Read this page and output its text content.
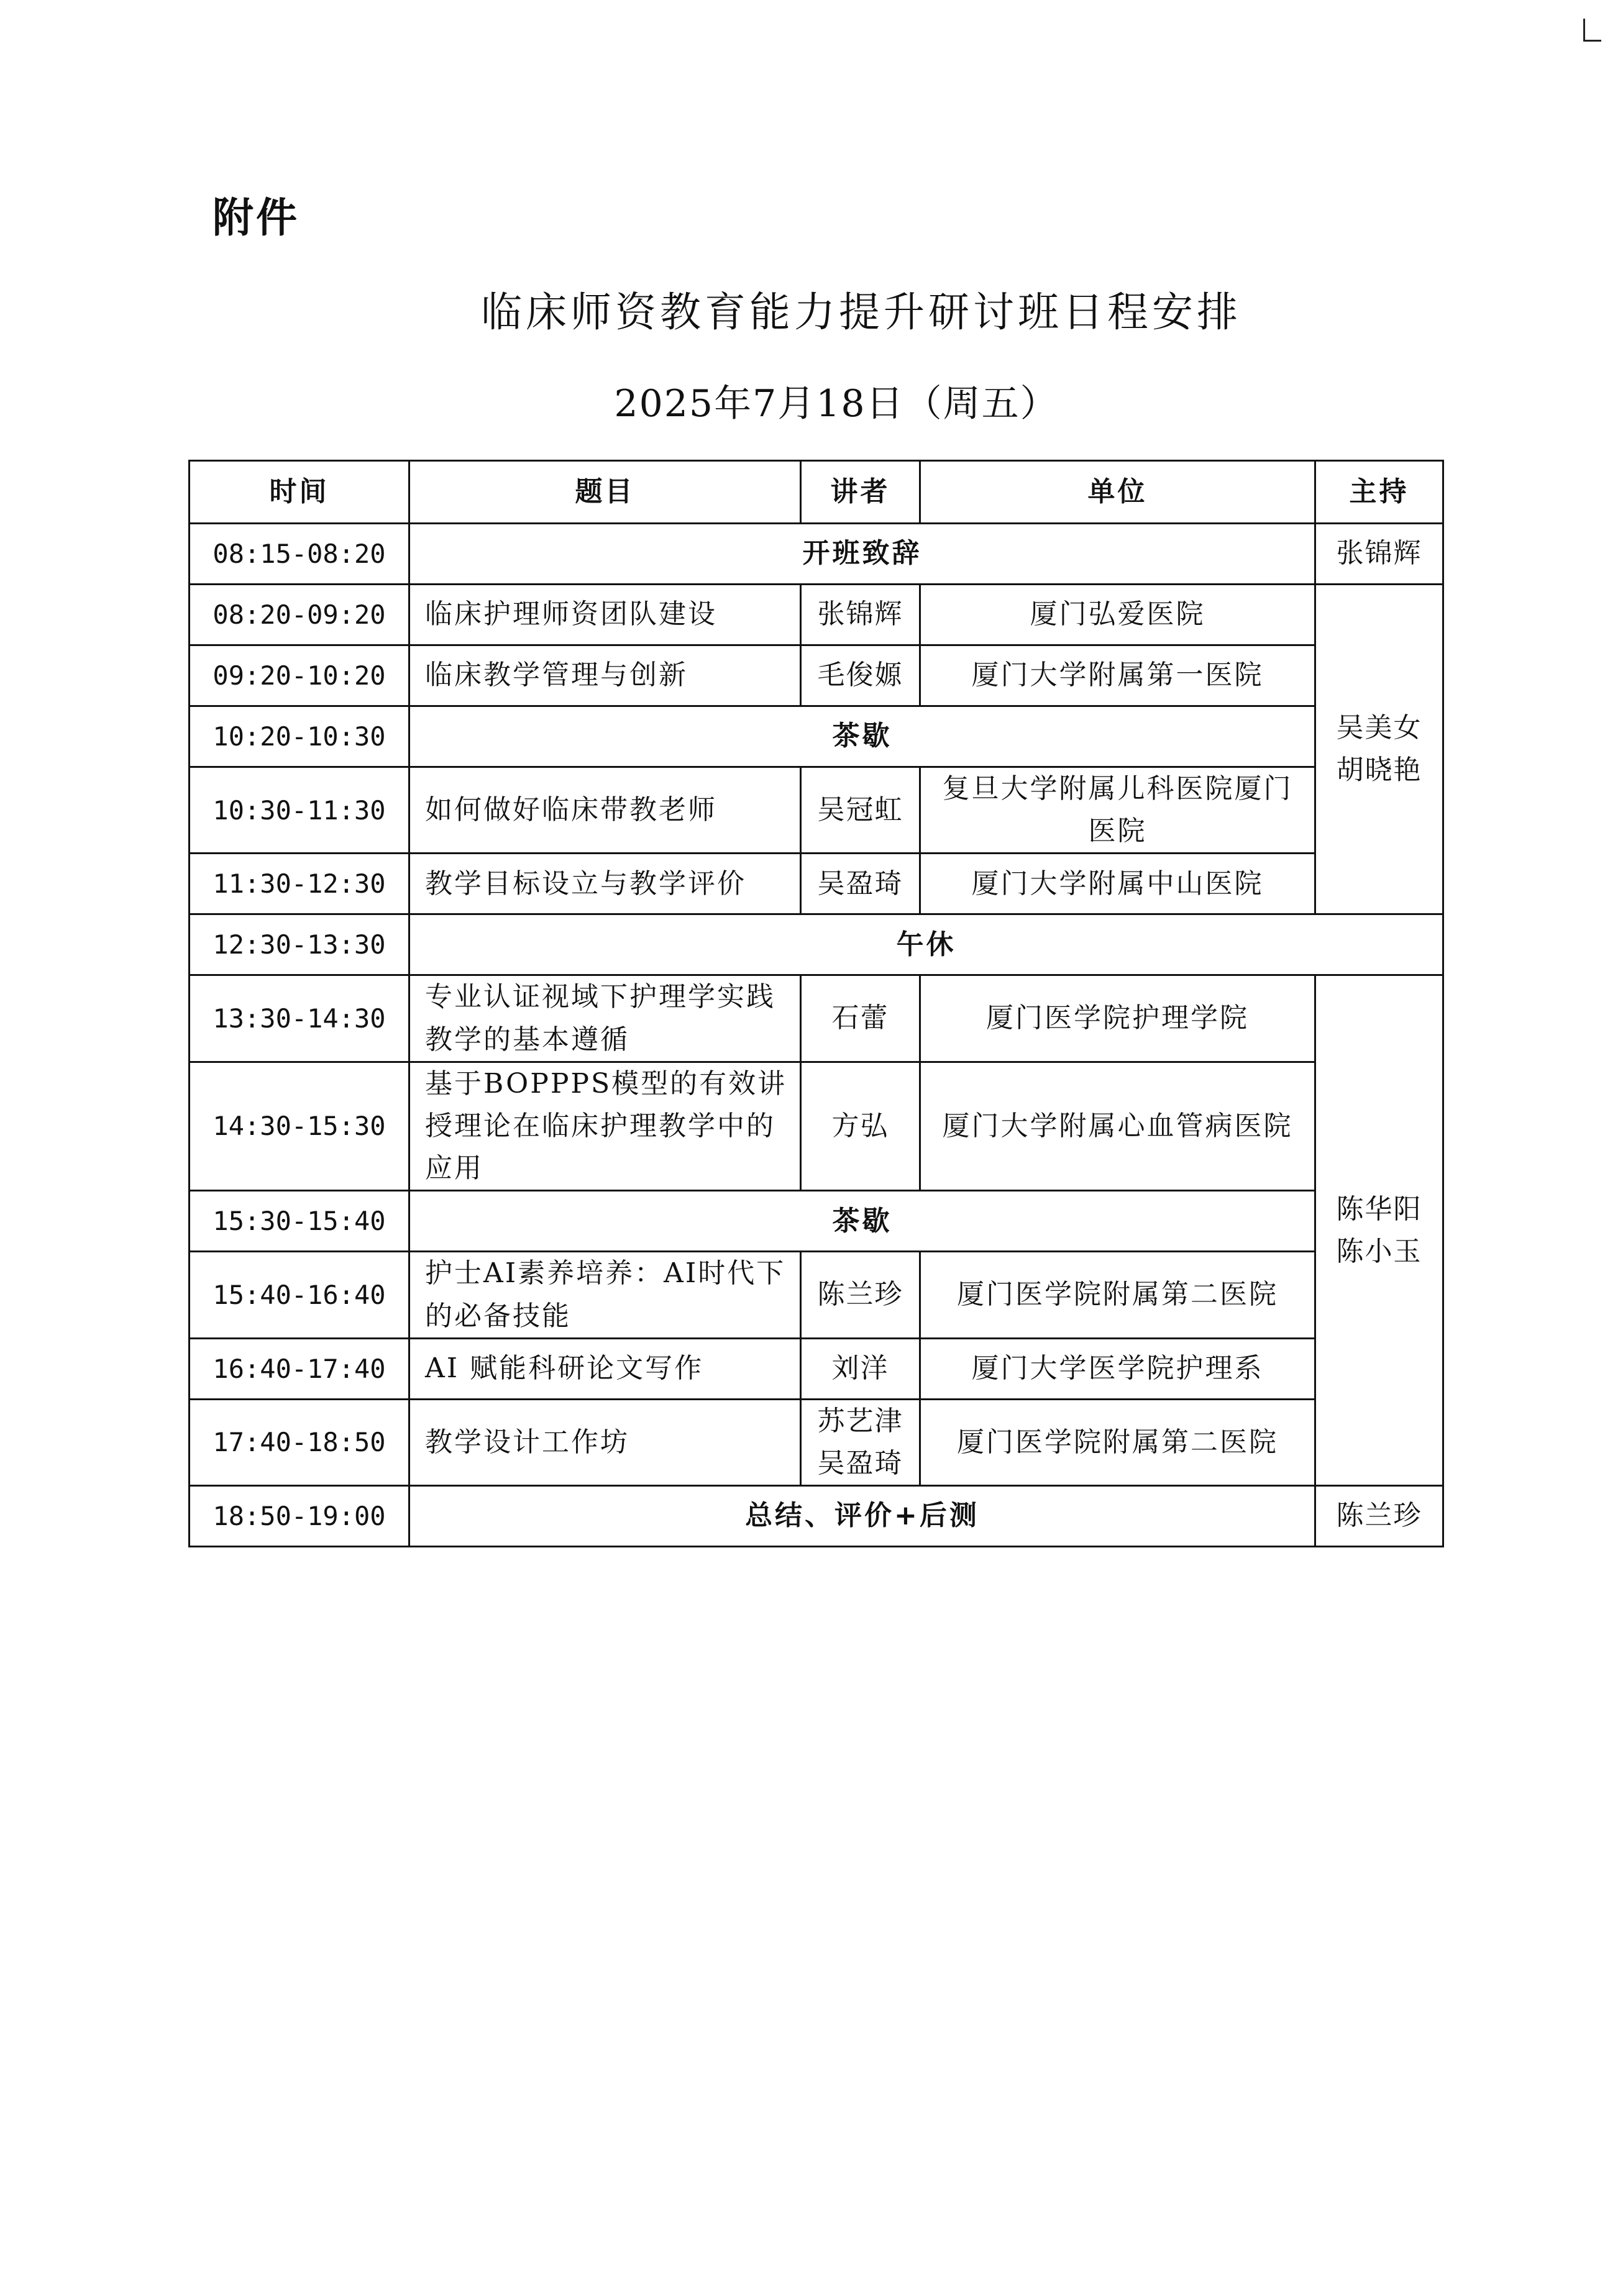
附件
临床师资教育能力提升研讨班日程安排
2025年7月18日（周五）
时间	题目	讲者	单位	主持
08:15-08:20	开班致辞			张锦辉
08:20-09:20	临床护理师资团队建设	张锦辉	厦门弘爱医院	吴美女
胡晓艳

09:20-10:20	临床教学管理与创新	毛俊嫄	厦门大学附属第一医院	
10:20-10:30	茶歇			
10:30-11:30	如何做好临床带教老师	吴冠虹	复旦大学附属儿科医院厦门医院	
11:30-12:30	教学目标设立与教学评价	吴盈琦	厦门大学附属中山医院	
12:30-13:30	午休			
13:30-14:30	专业认证视域下护理学实践教学的基本遵循	石蕾	厦门医学院护理学院	陈华阳
陈小玉

14:30-15:30	基于BOPPPS模型的有效讲授理论在临床护理教学中的应用	方弘	厦门大学附属心血管病医院	
15:30-15:40	茶歇			
15:40-16:40	护士AI素养培养：AI时代下的必备技能	陈兰珍	厦门医学院附属第二医院	
16:40-17:40	AI 赋能科研论文写作	刘洋	厦门大学医学院护理系	
17:40-18:50	教学设计工作坊	苏艺津
吴盈琦	厦门医学院附属第二医院	
18:50-19:00	总结、评价+后测			陈兰珍
